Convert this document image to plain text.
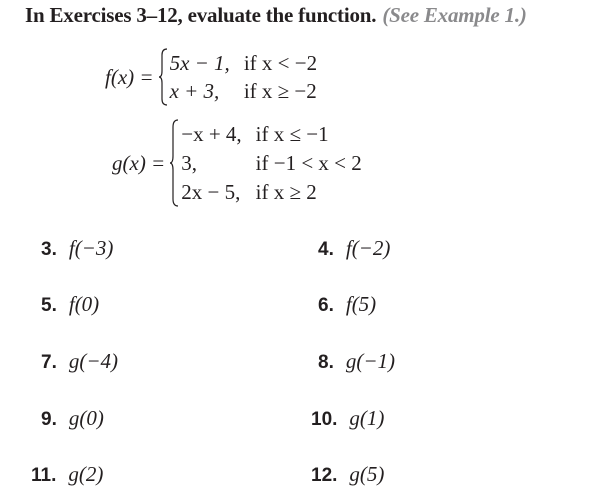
In Exercises 3–12, evaluate the function. (See Example 1.)
f(x) =
5x − 1, if x < −2
x + 3,	if x ≥ −2
g(x) =
−x + 4, if x ≤ −1
3,	if −1 < x < 2
2x − 5, if x ≥ 2
3. f(−3)	4. f(−2)
5. f(0)	6. f(5)
7. g(−4)	8. g(−1)
9. g(0)	10. g(1)
11. g(2)	12. g(5)
